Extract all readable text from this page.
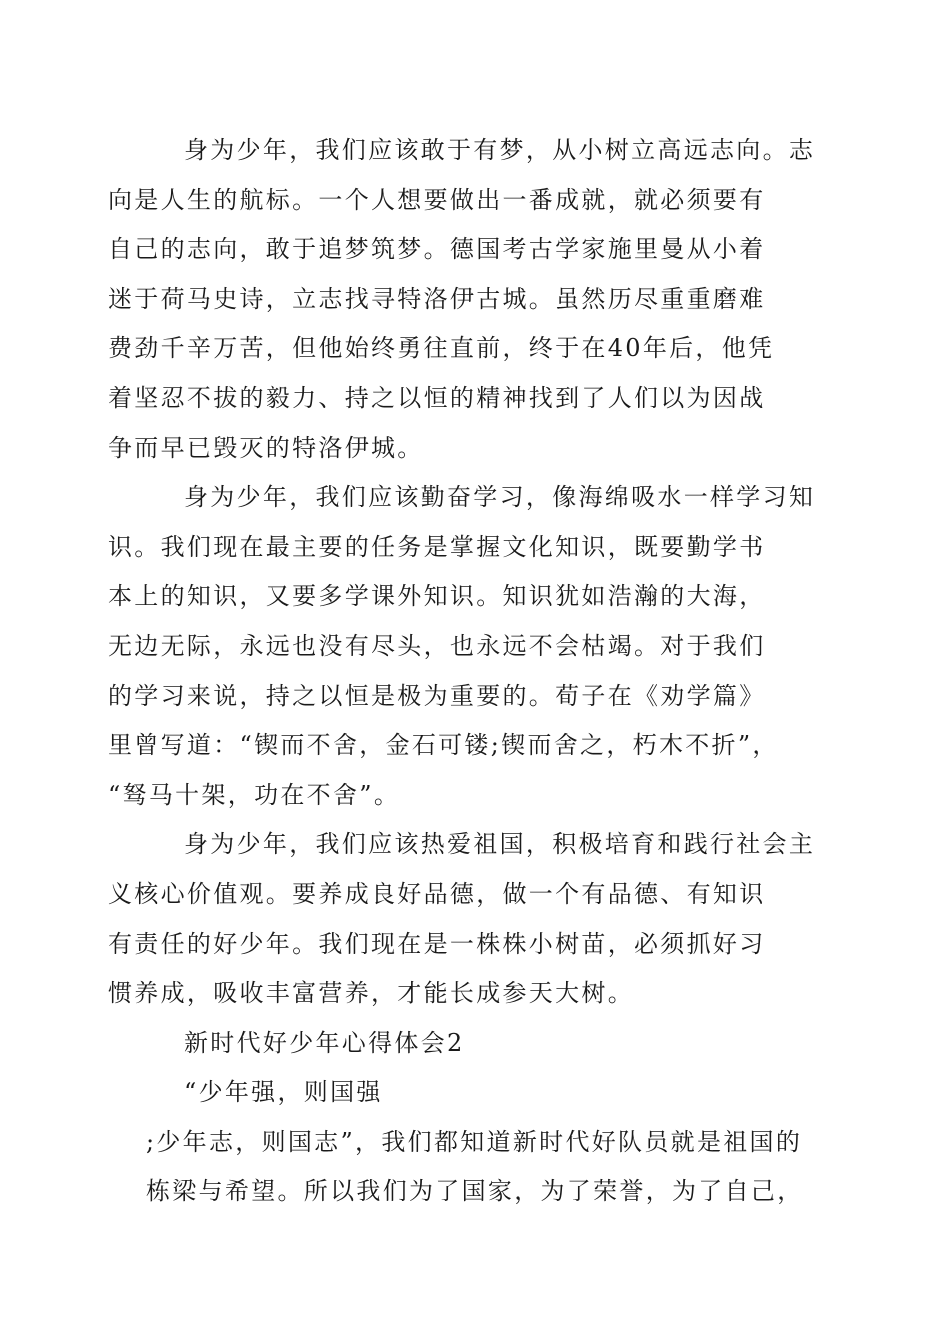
身为少年，我们应该敢于有梦，从小树立高远志向。志
向是人生的航标。一个人想要做出一番成就，就必须要有
自己的志向，敢于追梦筑梦。德国考古学家施里曼从小着
迷于荷马史诗，立志找寻特洛伊古城。虽然历尽重重磨难
费劲千辛万苦，但他始终勇往直前，终于在40年后，他凭
着坚忍不拔的毅力、持之以恒的精神找到了人们以为因战
争而早已毁灭的特洛伊城。

身为少年，我们应该勤奋学习，像海绵吸水一样学习知
识。我们现在最主要的任务是掌握文化知识，既要勤学书
本上的知识，又要多学课外知识。知识犹如浩瀚的大海，
无边无际，永远也没有尽头，也永远不会枯竭。对于我们
的学习来说，持之以恒是极为重要的。荀子在《劝学篇》
里曾写道：“锲而不舍，金石可镂;锲而舍之，朽木不折”，
“驽马十架，功在不舍”。

身为少年，我们应该热爱祖国，积极培育和践行社会主
义核心价值观。要养成良好品德，做一个有品德、有知识
有责任的好少年。我们现在是一株株小树苗，必须抓好习
惯养成，吸收丰富营养，才能长成参天大树。

新时代好少年心得体会2

“少年强，则国强

;少年志，则国志”，我们都知道新时代好队员就是祖国的
栋梁与希望。所以我们为了国家，为了荣誉，为了自己，
